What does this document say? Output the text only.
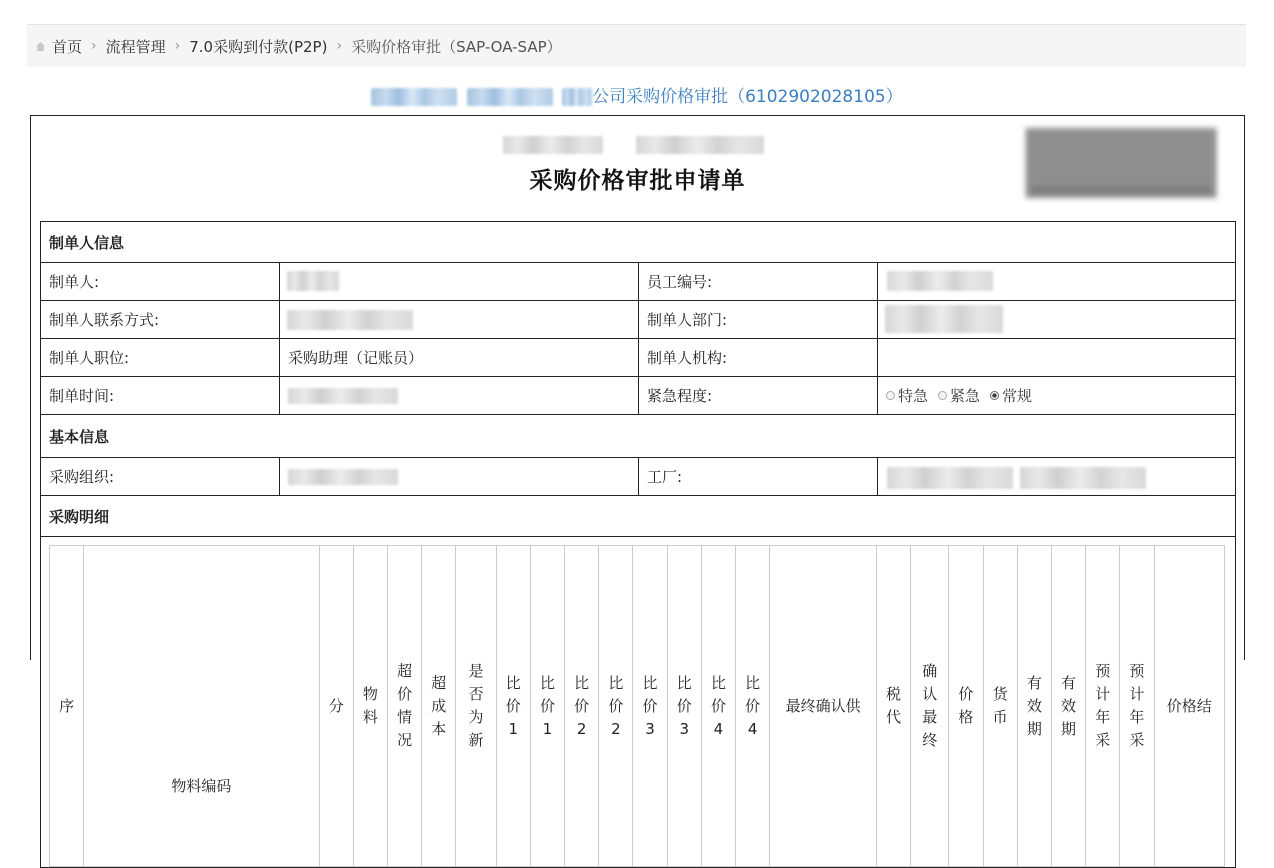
首页 › 流程管理 › 7.0采购到付款(P2P) › 采购价格审批（SAP-OA-SAP）
公司采购价格审批（6102902028105）
采购价格审批申请单
制单人信息
制单人:		员工编号:	

制单人联系方式:		制单人部门:	

制单人职位:	采购助理（记账员）	制单人机构:	
制单时间:		紧急程度:	特急 紧急 常规

基本信息
采购组织:		工厂:	

采购明细

序	物料编码	分	物料	超价情况	超成本	是否为新	比价1	比价1	比价2	比价2	比价3	比价3	比价4	比价4	最终确认供	税代	确认最终	价格	货币	有效期	有效期	预计年采	预计年采	价格结
